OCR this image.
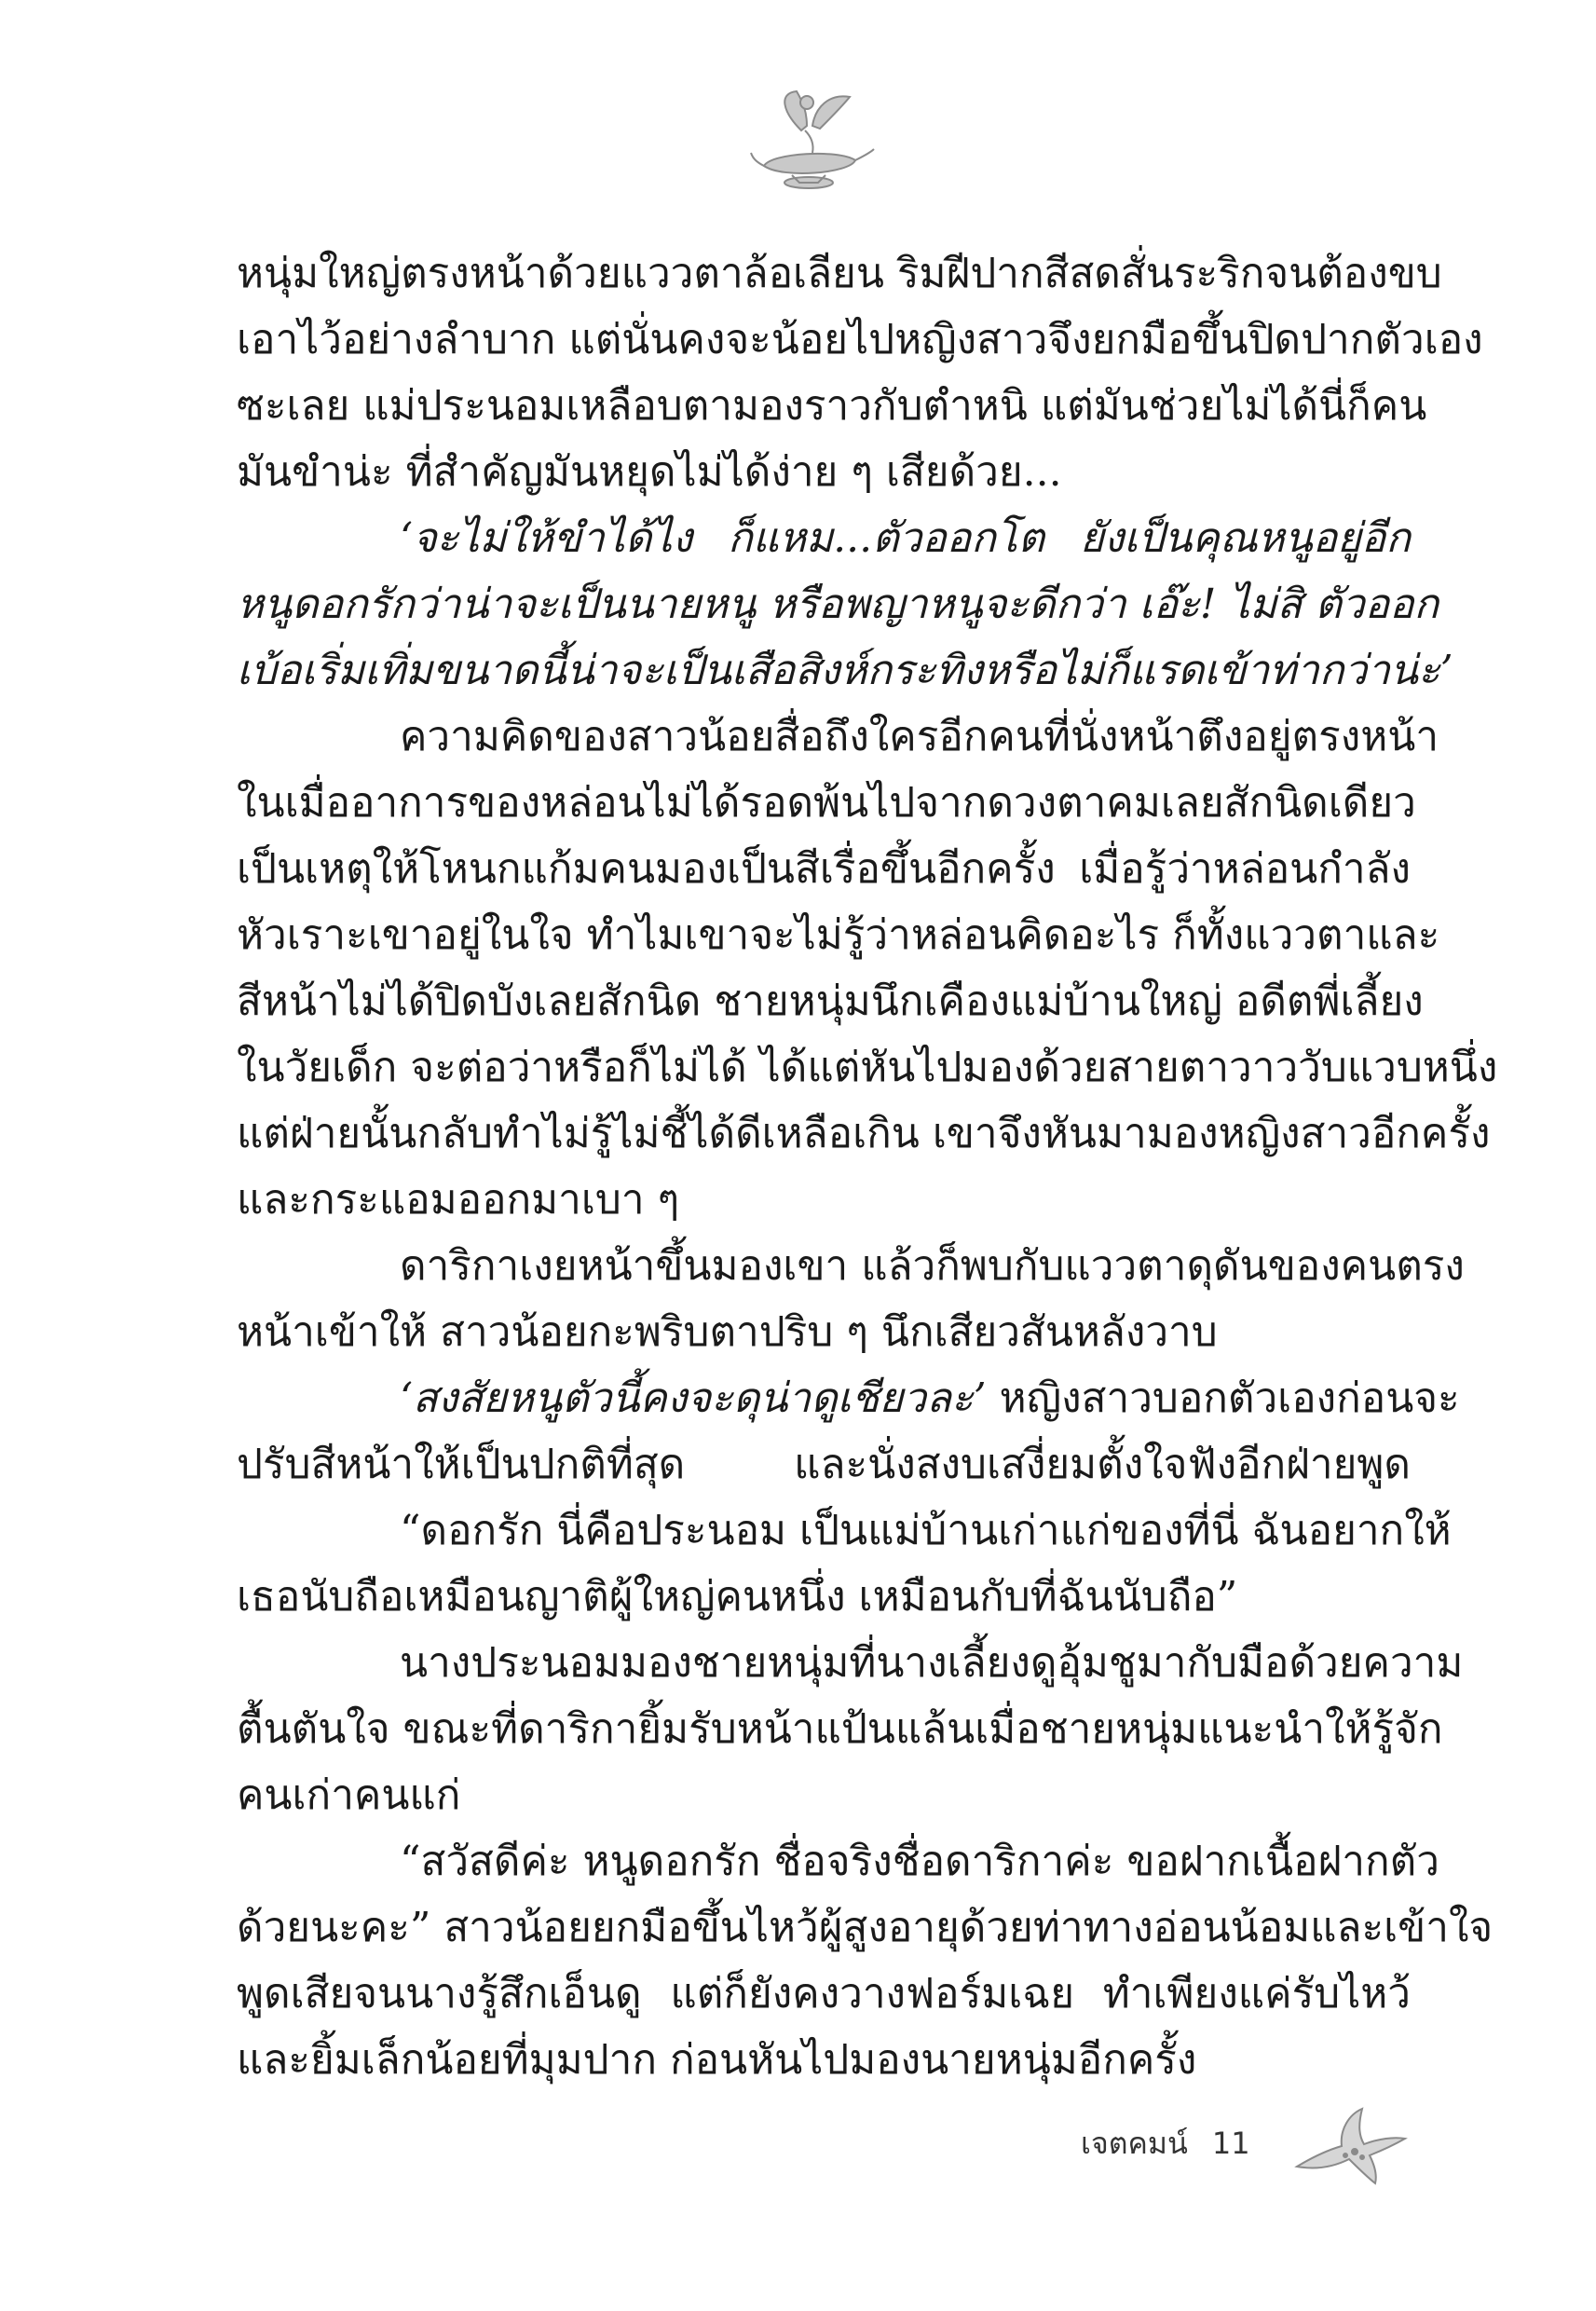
หนุ่มใหญ่ตรงหน้าด้วยแววตาล้อเลียน ริมฝีปากสีสดสั่นระริกจนต้องขบ
เอาไว้อย่างลำบาก แต่นั่นคงจะน้อยไปหญิงสาวจึงยกมือขึ้นปิดปากตัวเอง
ซะเลย แม่ประนอมเหลือบตามองราวกับตำหนิ แต่มันช่วยไม่ได้นี่ก็คน
มันขำน่ะ ที่สำคัญมันหยุดไม่ได้ง่าย ๆ เสียด้วย...
‘จะไม่ให้ขำได้ไง ก็แหม...ตัวออกโต ยังเป็นคุณหนูอยู่อีก
หนูดอกรักว่าน่าจะเป็นนายหนู หรือพญาหนูจะดีกว่า เอ๊ะ! ไม่สิ ตัวออก
เบ้อเริ่มเทิ่มขนาดนี้น่าจะเป็นเสือสิงห์กระทิงหรือไม่ก็แรดเข้าท่ากว่าน่ะ’
ความคิดของสาวน้อยสื่อถึงใครอีกคนที่นั่งหน้าตึงอยู่ตรงหน้า
ในเมื่ออาการของหล่อนไม่ได้รอดพ้นไปจากดวงตาคมเลยสักนิดเดียว
เป็นเหตุให้โหนกแก้มคนมองเป็นสีเรื่อขึ้นอีกครั้ง เมื่อรู้ว่าหล่อนกำลัง
หัวเราะเขาอยู่ในใจ ทำไมเขาจะไม่รู้ว่าหล่อนคิดอะไร ก็ทั้งแววตาและ
สีหน้าไม่ได้ปิดบังเลยสักนิด ชายหนุ่มนึกเคืองแม่บ้านใหญ่ อดีตพี่เลี้ยง
ในวัยเด็ก จะต่อว่าหรือก็ไม่ได้ ได้แต่หันไปมองด้วยสายตาวาววับแวบหนึ่ง
แต่ฝ่ายนั้นกลับทำไม่รู้ไม่ชี้ได้ดีเหลือเกิน เขาจึงหันมามองหญิงสาวอีกครั้ง
และกระแอมออกมาเบา ๆ
ดาริกาเงยหน้าขึ้นมองเขา แล้วก็พบกับแววตาดุดันของคนตรง
หน้าเข้าให้ สาวน้อยกะพริบตาปริบ ๆ นึกเสียวสันหลังวาบ
‘สงสัยหนูตัวนี้คงจะดุน่าดูเชียวละ’ หญิงสาวบอกตัวเองก่อนจะ
ปรับสีหน้าให้เป็นปกติที่สุด และนั่งสงบเสงี่ยมตั้งใจฟังอีกฝ่ายพูด
“ดอกรัก นี่คือประนอม เป็นแม่บ้านเก่าแก่ของที่นี่ ฉันอยากให้
เธอนับถือเหมือนญาติผู้ใหญ่คนหนึ่ง เหมือนกับที่ฉันนับถือ”
นางประนอมมองชายหนุ่มที่นางเลี้ยงดูอุ้มชูมากับมือด้วยความ
ตื้นตันใจ ขณะที่ดาริกายิ้มรับหน้าแป้นแล้นเมื่อชายหนุ่มแนะนำให้รู้จัก
คนเก่าคนแก่
“สวัสดีค่ะ หนูดอกรัก ชื่อจริงชื่อดาริกาค่ะ ขอฝากเนื้อฝากตัว
ด้วยนะคะ” สาวน้อยยกมือขึ้นไหว้ผู้สูงอายุด้วยท่าทางอ่อนน้อมและเข้าใจ
พูดเสียจนนางรู้สึกเอ็นดู แต่ก็ยังคงวางฟอร์มเฉย ทำเพียงแค่รับไหว้
และยิ้มเล็กน้อยที่มุมปาก ก่อนหันไปมองนายหนุ่มอีกครั้ง
เจตคมน์ 11
